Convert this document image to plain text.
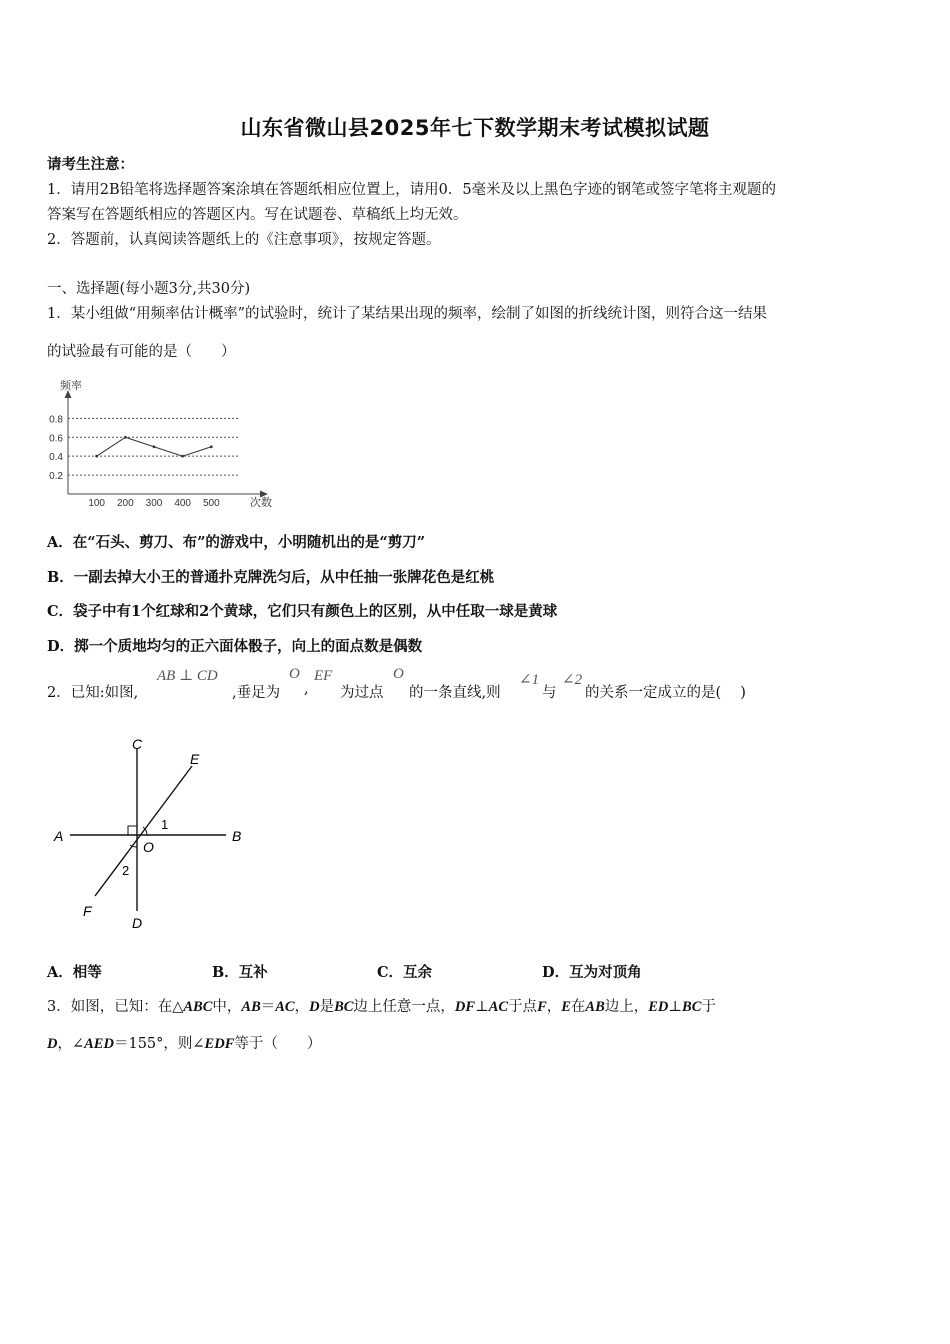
山东省微山县2025年七下数学期末考试模拟试题
请考生注意：
1．请用2B铅笔将选择题答案涂填在答题纸相应位置上，请用0．5毫米及以上黑色字迹的钢笔或签字笔将主观题的
答案写在答题纸相应的答题区内。写在试题卷、草稿纸上均无效。
2．答题前，认真阅读答题纸上的《注意事项》，按规定答题。
一、选择题(每小题3分,共30分)
1．某小组做“用频率估计概率”的试验时，统计了某结果出现的频率，绘制了如图的折线统计图，则符合这一结果
的试验最有可能的是（　　）
频率
次数
0.8
0.6
0.4
0.2
100 200 300 400 500
A．在“石头、剪刀、布”的游戏中，小明随机出的是“剪刀”
B．一副去掉大小王的普通扑克牌洗匀后，从中任抽一张牌花色是红桃
C．袋子中有1个红球和2个黄球，它们只有颜色上的区别，从中任取一球是黄球
D．掷一个质地均匀的正六面体骰子，向上的面点数是偶数
2．已知:如图,
AB ⊥ CD
,垂足为
O
,
EF
为过点
O
的一条直线,则
∠1
与
∠2
的关系一定成立的是(　 )
C
E
A	B
O
F
D
1
2
A．相等	B．互补	C．互余	D．互为对顶角
3．如图，已知：在△ABC中，AB＝AC，D是BC边上任意一点，DF⊥AC于点F，E在AB边上，ED⊥BC于
D，∠AED＝155°，则∠EDF等于（　　）
